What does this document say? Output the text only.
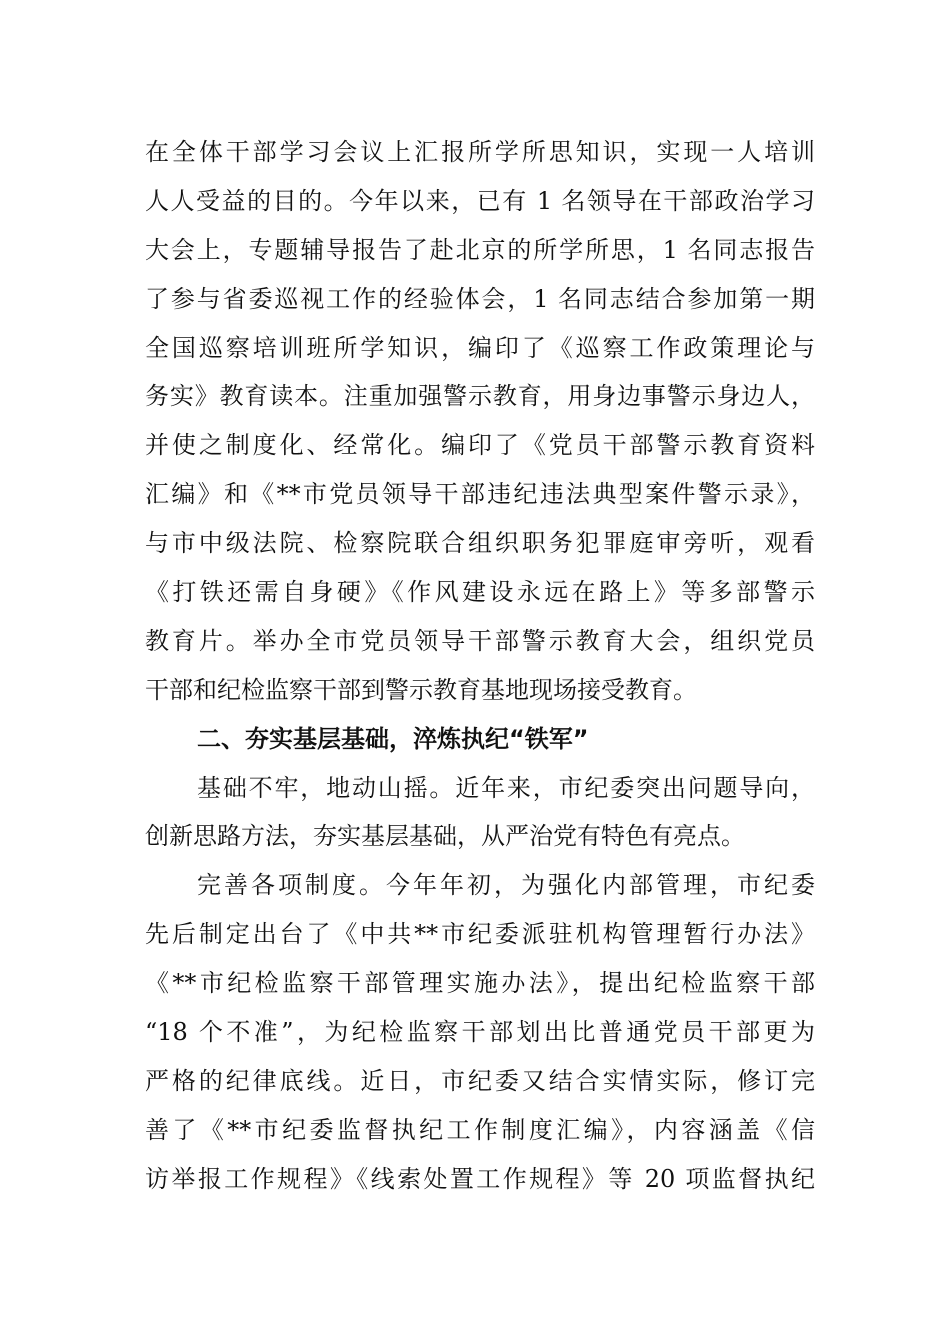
在全体干部学习会议上汇报所学所思知识，实现一人培训
人人受益的目的。今年以来，已有 1 名领导在干部政治学习
大会上，专题辅导报告了赴北京的所学所思，1 名同志报告
了参与省委巡视工作的经验体会，1 名同志结合参加第一期
全国巡察培训班所学知识，编印了《巡察工作政策理论与
务实》教育读本。注重加强警示教育，用身边事警示身边人，
并使之制度化、经常化。编印了《党员干部警示教育资料
汇编》和《**市党员领导干部违纪违法典型案件警示录》，
与市中级法院、检察院联合组织职务犯罪庭审旁听，观看
《打铁还需自身硬》《作风建设永远在路上》等多部警示
教育片。举办全市党员领导干部警示教育大会，组织党员
干部和纪检监察干部到警示教育基地现场接受教育。
二、夯实基层基础，淬炼执纪“铁军”
基础不牢，地动山摇。近年来，市纪委突出问题导向，
创新思路方法，夯实基层基础，从严治党有特色有亮点。
完善各项制度。今年年初，为强化内部管理，市纪委
先后制定出台了《中共**市纪委派驻机构管理暂行办法》
《**市纪检监察干部管理实施办法》，提出纪检监察干部
“18 个不准”，为纪检监察干部划出比普通党员干部更为
严格的纪律底线。近日，市纪委又结合实情实际，修订完
善了《**市纪委监督执纪工作制度汇编》，内容涵盖《信
访举报工作规程》《线索处置工作规程》等 20 项监督执纪
